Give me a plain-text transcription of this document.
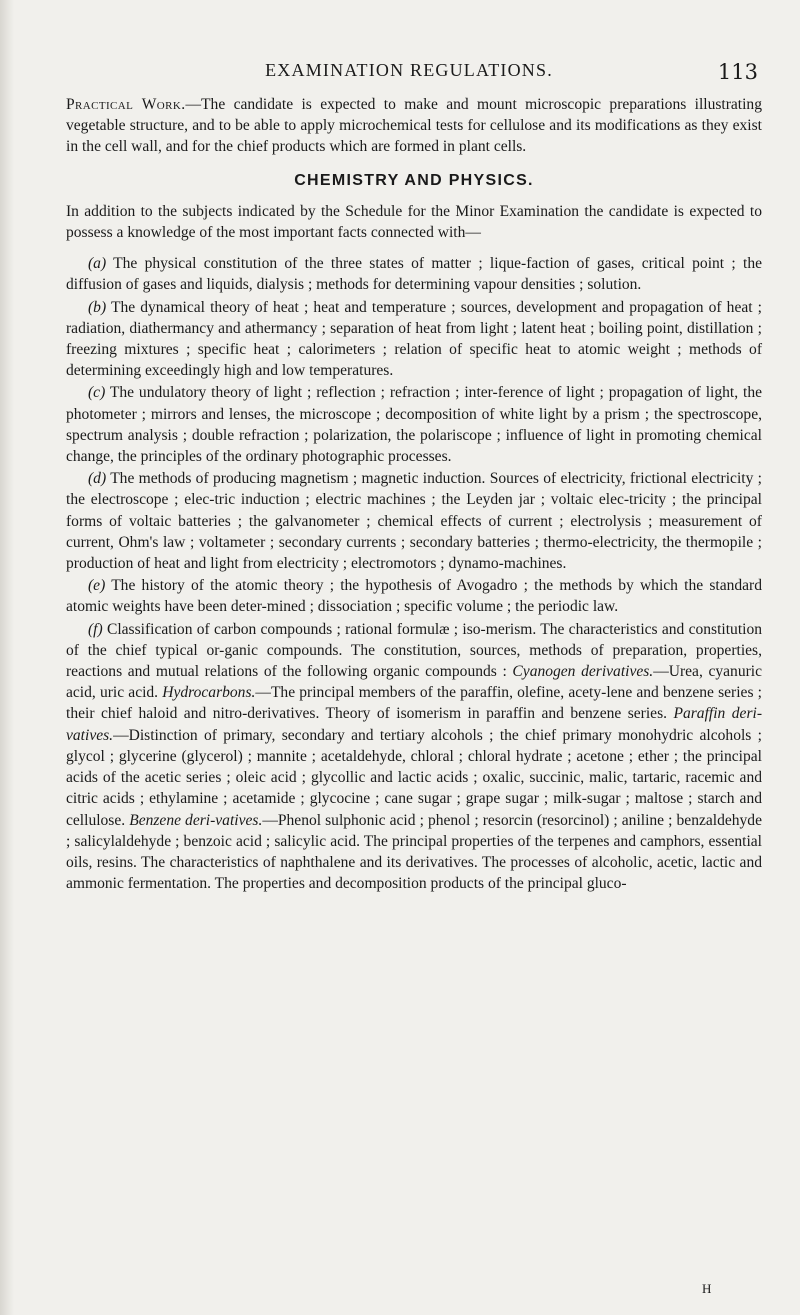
EXAMINATION REGULATIONS.	113

Practical Work.—The candidate is expected to make and mount microscopic preparations illustrating vegetable structure, and to be able to apply microchemical tests for cellulose and its modifications as they exist in the cell wall, and for the chief products which are formed in plant cells.

CHEMISTRY AND PHYSICS.

In addition to the subjects indicated by the Schedule for the Minor Examination the candidate is expected to possess a knowledge of the most important facts connected with—

(a) The physical constitution of the three states of matter ; lique-faction of gases, critical point ; the diffusion of gases and liquids, dialysis ; methods for determining vapour densities ; solution.

(b) The dynamical theory of heat ; heat and temperature ; sources, development and propagation of heat ; radiation, diathermancy and athermancy ; separation of heat from light ; latent heat ; boiling point, distillation ; freezing mixtures ; specific heat ; calorimeters ; relation of specific heat to atomic weight ; methods of determining exceedingly high and low temperatures.

(c) The undulatory theory of light ; reflection ; refraction ; inter-ference of light ; propagation of light, the photometer ; mirrors and lenses, the microscope ; decomposition of white light by a prism ; the spectroscope, spectrum analysis ; double refraction ; polarization, the polariscope ; influence of light in promoting chemical change, the principles of the ordinary photographic processes.

(d) The methods of producing magnetism ; magnetic induction. Sources of electricity, frictional electricity ; the electroscope ; elec-tric induction ; electric machines ; the Leyden jar ; voltaic elec-tricity ; the principal forms of voltaic batteries ; the galvanometer ; chemical effects of current ; electrolysis ; measurement of current, Ohm's law ; voltameter ; secondary currents ; secondary batteries ; thermo-electricity, the thermopile ; production of heat and light from electricity ; electromotors ; dynamo-machines.

(e) The history of the atomic theory ; the hypothesis of Avogadro ; the methods by which the standard atomic weights have been deter-mined ; dissociation ; specific volume ; the periodic law.

(f) Classification of carbon compounds ; rational formulæ ; iso-merism. The characteristics and constitution of the chief typical or-ganic compounds. The constitution, sources, methods of preparation, properties, reactions and mutual relations of the following organic compounds : Cyanogen derivatives.—Urea, cyanuric acid, uric acid. Hydrocarbons.—The principal members of the paraffin, olefine, acety-lene and benzene series ; their chief haloid and nitro-derivatives. Theory of isomerism in paraffin and benzene series. Paraffin deri-vatives.—Distinction of primary, secondary and tertiary alcohols ; the chief primary monohydric alcohols ; glycol ; glycerine (glycerol) ; mannite ; acetaldehyde, chloral ; chloral hydrate ; acetone ; ether ; the principal acids of the acetic series ; oleic acid ; glycollic and lactic acids ; oxalic, succinic, malic, tartaric, racemic and citric acids ; ethylamine ; acetamide ; glycocine ; cane sugar ; grape sugar ; milk-sugar ; maltose ; starch and cellulose. Benzene deri-vatives.—Phenol sulphonic acid ; phenol ; resorcin (resorcinol) ; aniline ; benzaldehyde ; salicylaldehyde ; benzoic acid ; salicylic acid. The principal properties of the terpenes and camphors, essential oils, resins. The characteristics of naphthalene and its derivatives. The processes of alcoholic, acetic, lactic and ammonic fermentation. The properties and decomposition products of the principal gluco-

H
